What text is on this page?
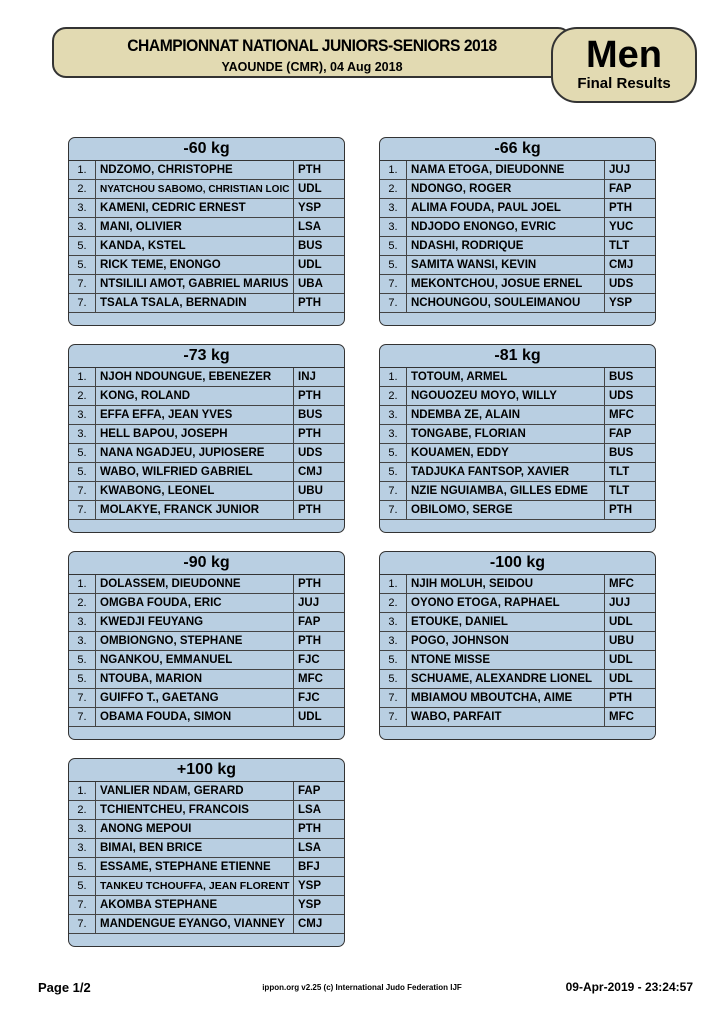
CHAMPIONNAT NATIONAL JUNIORS-SENIORS 2018
YAOUNDE (CMR), 04 Aug 2018	Men
Final Results
-60 kg
1.	NDZOMO, CHRISTOPHE	PTH
2.	NYATCHOU SABOMO, CHRISTIAN LOIC	UDL
3.	KAMENI, CEDRIC ERNEST	YSP
3.	MANI, OLIVIER	LSA
5.	KANDA, KSTEL	BUS
5.	RICK TEME, ENONGO	UDL
7.	NTSILILI AMOT, GABRIEL MARIUS	UBA
7.	TSALA TSALA, BERNADIN	PTH
-66 kg
1.	NAMA ETOGA, DIEUDONNE	JUJ
2.	NDONGO, ROGER	FAP
3.	ALIMA FOUDA, PAUL JOEL	PTH
3.	NDJODO ENONGO, EVRIC	YUC
5.	NDASHI, RODRIQUE	TLT
5.	SAMITA WANSI, KEVIN	CMJ
7.	MEKONTCHOU, JOSUE ERNEL	UDS
7.	NCHOUNGOU, SOULEIMANOU	YSP
-73 kg
1.	NJOH NDOUNGUE, EBENEZER	INJ
2.	KONG, ROLAND	PTH
3.	EFFA EFFA, JEAN YVES	BUS
3.	HELL BAPOU, JOSEPH	PTH
5.	NANA NGADJEU, JUPIOSERE	UDS
5.	WABO, WILFRIED GABRIEL	CMJ
7.	KWABONG, LEONEL	UBU
7.	MOLAKYE, FRANCK JUNIOR	PTH
-81 kg
1.	TOTOUM, ARMEL	BUS
2.	NGOUOZEU MOYO, WILLY	UDS
3.	NDEMBA ZE, ALAIN	MFC
3.	TONGABE, FLORIAN	FAP
5.	KOUAMEN, EDDY	BUS
5.	TADJUKA FANTSOP, XAVIER	TLT
7.	NZIE NGUIAMBA, GILLES EDME	TLT
7.	OBILOMO, SERGE	PTH
-90 kg
1.	DOLASSEM, DIEUDONNE	PTH
2.	OMGBA FOUDA, ERIC	JUJ
3.	KWEDJI FEUYANG	FAP
3.	OMBIONGNO, STEPHANE	PTH
5.	NGANKOU, EMMANUEL	FJC
5.	NTOUBA, MARION	MFC
7.	GUIFFO T., GAETANG	FJC
7.	OBAMA FOUDA, SIMON	UDL
-100 kg
1.	NJIH MOLUH, SEIDOU	MFC
2.	OYONO ETOGA, RAPHAEL	JUJ
3.	ETOUKE, DANIEL	UDL
3.	POGO, JOHNSON	UBU
5.	NTONE MISSE	UDL
5.	SCHUAME, ALEXANDRE LIONEL	UDL
7.	MBIAMOU MBOUTCHA, AIME	PTH
7.	WABO, PARFAIT	MFC
+100 kg
1.	VANLIER NDAM, GERARD	FAP
2.	TCHIENTCHEU, FRANCOIS	LSA
3.	ANONG MEPOUI	PTH
3.	BIMAI, BEN BRICE	LSA
5.	ESSAME, STEPHANE ETIENNE	BFJ
5.	TANKEU TCHOUFFA, JEAN FLORENT	YSP
7.	AKOMBA STEPHANE	YSP
7.	MANDENGUE EYANGO, VIANNEY	CMJ
Page 1/2	ippon.org v2.25 (c) International Judo Federation IJF	09-Apr-2019 - 23:24:57
